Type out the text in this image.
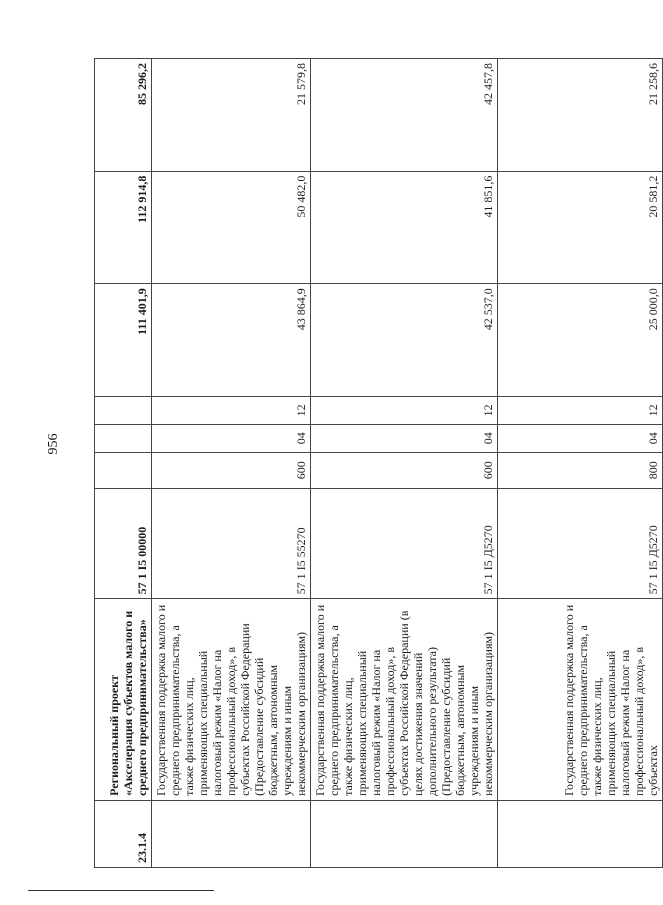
956
23.1.4	Региональный проект «Акселерация субъектов малого и среднего предпринимательства»	57 1 I5 00000				111 401,9	112 914,8	85 296,2
	Государственная поддержка малого и среднего предпринимательства, а также физических лиц, применяющих специальный налоговый режим «Налог на профессиональный доход», в субъектах Российской Федерации (Предоставление субсидий бюджетным, автономным учреждениям и иным некоммерческим организациям)	57 1 I5 55270	600	04	12	43 864,9	50 482,0	21 579,8
	Государственная поддержка малого и среднего предпринимательства, а также физических лиц, применяющих специальный налоговый режим «Налог на профессиональный доход», в субъектах Российской Федерации (в целях достижения значений дополнительного результата) (Предоставление субсидий бюджетным, автономным учреждениям и иным некоммерческим организациям)	57 1 I5 Д5270	600	04	12	42 537,0	41 851,6	42 457,8
	Государственная поддержка малого и среднего предпринимательства, а также физических лиц, применяющих специальный налоговый режим «Налог на профессиональный доход», в субъектах	57 1 I5 Д5270	800	04	12	25 000,0	20 581,2	21 258,6
